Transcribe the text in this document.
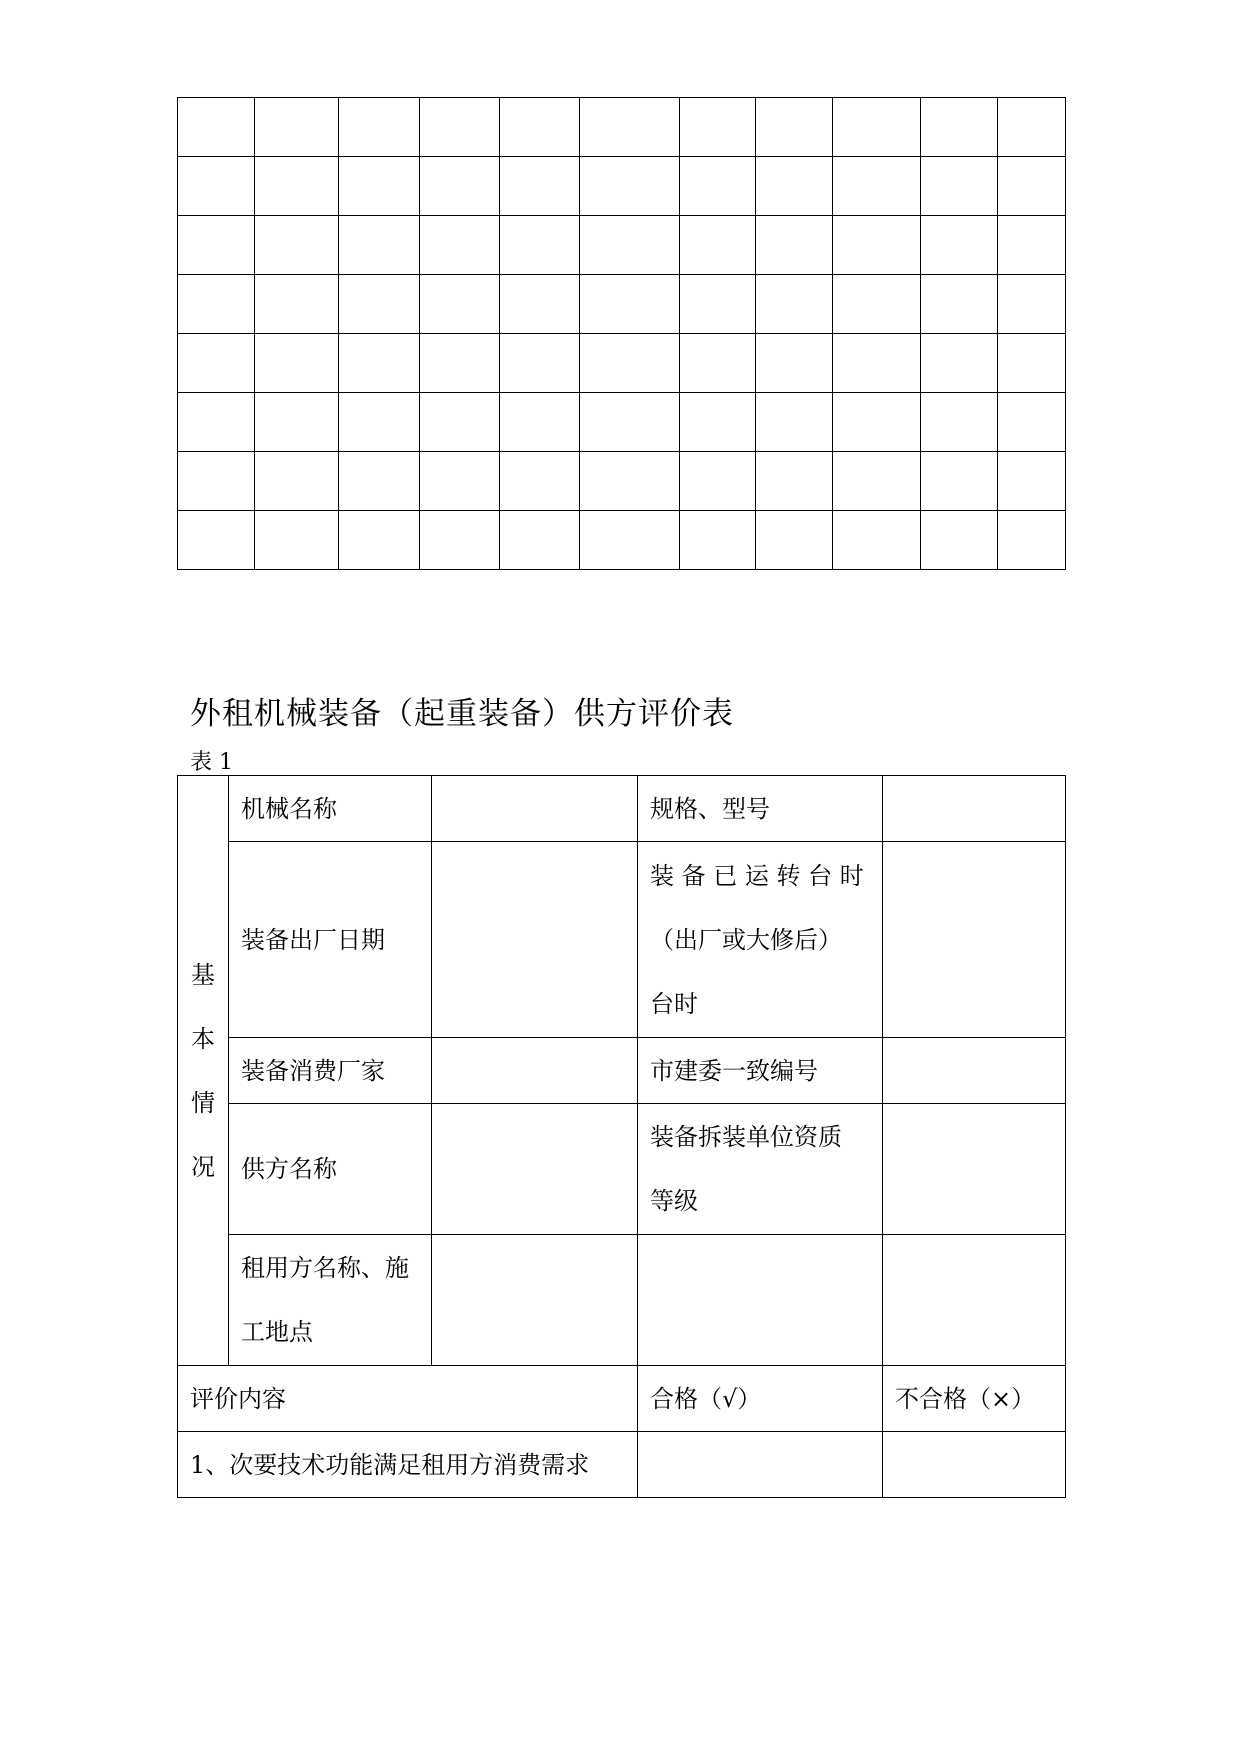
外租机械装备（起重装备）供方评价表
表 1
基
本
情
况	机械名称		规格、型号	
	装备出厂日期		装 备 已 运 转 台 时
（出厂或大修后）
台时	

	装备消费厂家		市建委一致编号	
	供方名称		装备拆装单位资质
等级	

	租用方名称、施
工地点			

评价内容			合格（√）	不合格（×）
1、次要技术功能满足租用方消费需求				
